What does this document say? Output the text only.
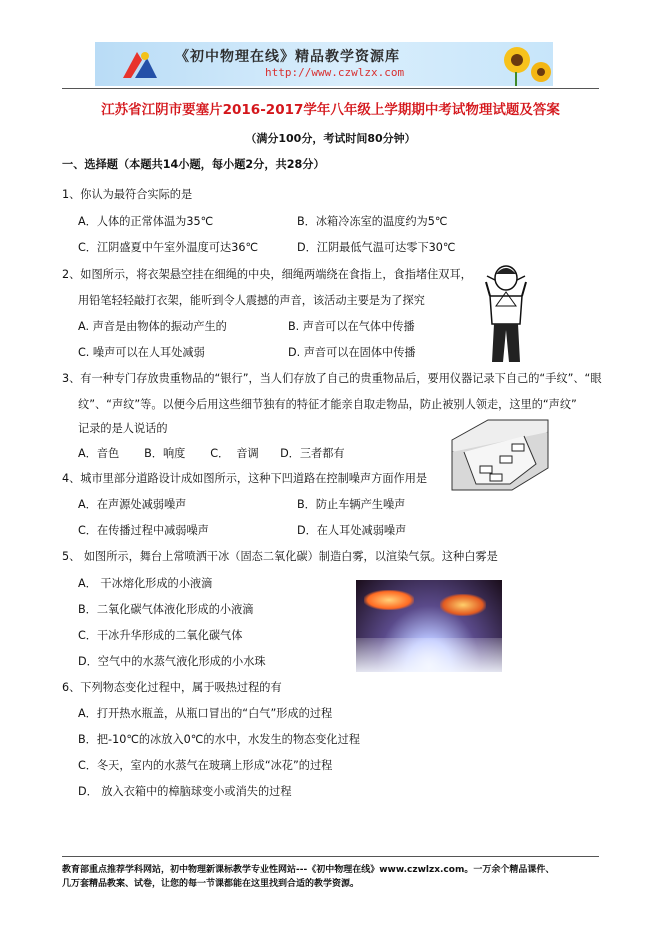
《初中物理在线》精品教学资源库
http://www.czwlzx.com
江苏省江阴市要塞片2016-2017学年八年级上学期期中考试物理试题及答案
（满分100分，考试时间80分钟）
一、选择题（本题共14小题，每小题2分，共28分）
1、你认为最符合实际的是
A．人体的正常体温为35℃	B．冰箱冷冻室的温度约为5℃
C．江阴盛夏中午室外温度可达36℃	D．江阴最低气温可达零下30℃
2、如图所示，将衣架悬空挂在细绳的中央，细绳两端绕在食指上，食指堵住双耳，
用铅笔轻轻敲打衣架，能听到令人震撼的声音，该活动主要是为了探究
A. 声音是由物体的振动产生的	B. 声音可以在气体中传播
C. 噪声可以在人耳处减弱	D. 声音可以在固体中传播
3、有一种专门存放贵重物品的“银行”，当人们存放了自己的贵重物品后，要用仪器记录下自己的“手纹”、“眼
纹”、“声纹”等。以便今后用这些细节独有的特征才能亲自取走物品，防止被别人领走，这里的“声纹”
记录的是人说话的
A．音色       B．响度       C．  音调      D．三者都有
4、城市里部分道路设计成如图所示，这种下凹道路在控制噪声方面作用是
A．在声源处减弱噪声	B．防止车辆产生噪声
C．在传播过程中减弱噪声	D．在人耳处减弱噪声
5、 如图所示，舞台上常喷洒干冰（固态二氧化碳）制造白雾，以渲染气氛。这种白雾是
A． 干冰熔化形成的小液滴
B．二氧化碳气体液化形成的小液滴
C．干冰升华形成的二氧化碳气体
D．空气中的水蒸气液化形成的小水珠
6、下列物态变化过程中，属于吸热过程的有
A．打开热水瓶盖，从瓶口冒出的“白气”形成的过程
B．把-10℃的冰放入0℃的水中，水发生的物态变化过程
C．冬天，室内的水蒸气在玻璃上形成“冰花”的过程
D． 放入衣箱中的樟脑球变小或消失的过程
教育部重点推荐学科网站，初中物理新课标教学专业性网站---《初中物理在线》www.czwlzx.com。一万余个精品课件、
几万套精品教案、试卷，让您的每一节课都能在这里找到合适的教学资源。
